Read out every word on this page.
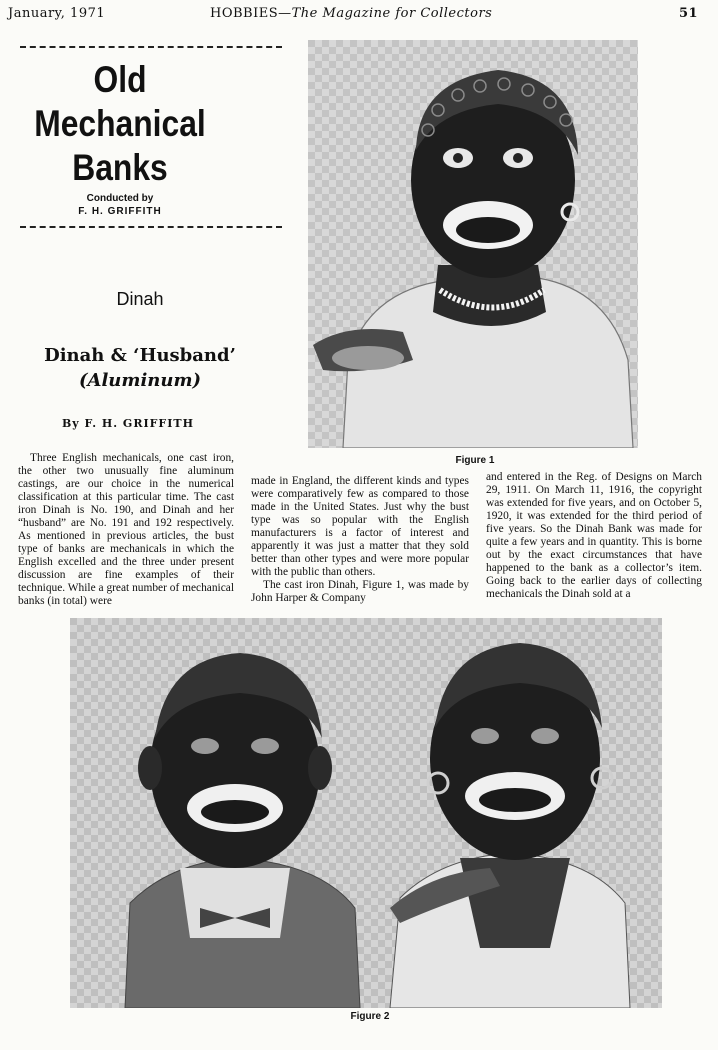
January, 1971	HOBBIES—The Magazine for Collectors	51
Old
Mechanical
Banks
Conducted by
F. H. GRIFFITH
Dinah
Dinah & ‘Husband’
(Aluminum)
By F. H. GRIFFITH
Figure 1

Three English mechanicals, one cast iron, the other two unusually fine aluminum castings, are our choice in the numerical classification at this particular time. The cast iron Dinah is No. 190, and Dinah and her “husband” are No. 191 and 192 respectively. As mentioned in previous articles, the bust type of banks are mechanicals in which the English excelled and the three under present discussion are fine examples of their technique. While a great number of mechanical banks (in total) were

made in England, the different kinds and types were comparatively few as compared to those made in the United States. Just why the bust type was so popular with the English manufacturers is a factor of interest and apparently it was just a matter that they sold better than other types and were more popular with the public than others.

The cast iron Dinah, Figure 1, was made by John Harper & Company

and entered in the Reg. of Designs on March 29, 1911. On March 11, 1916, the copyright was extended for five years, and on October 5, 1920, it was extended for the third period of five years. So the Dinah Bank was made for quite a few years and in quantity. This is borne out by the exact circumstances that have happened to the bank as a collector’s item. Going back to the earlier days of collecting mechanicals the Dinah sold at a

Figure 2
